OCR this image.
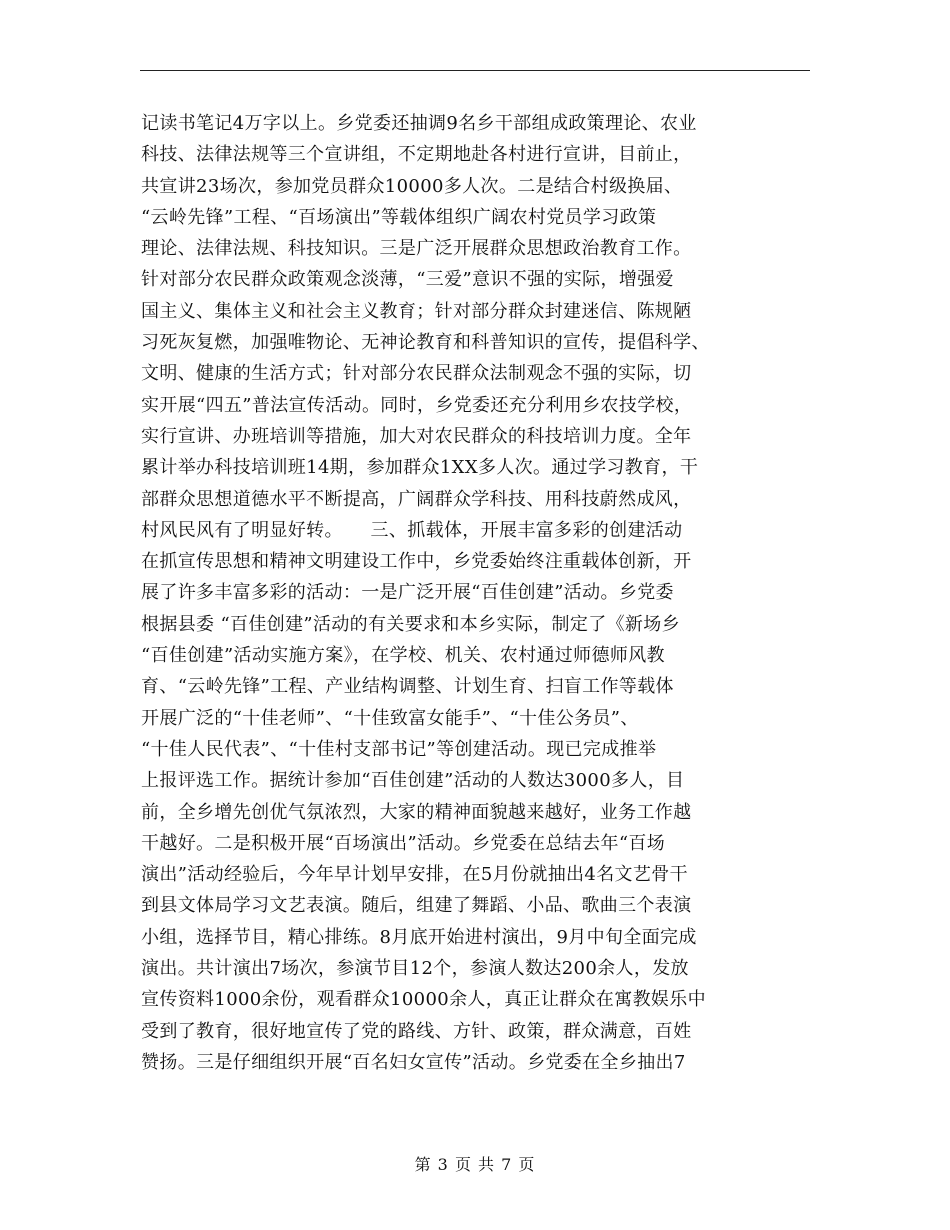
记读书笔记4万字以上。乡党委还抽调9名乡干部组成政策理论、农业
科技、法律法规等三个宣讲组，不定期地赴各村进行宣讲，目前止，
共宣讲23场次，参加党员群众10000多人次。二是结合村级换届、
“云岭先锋”工程、“百场演出”等载体组织广阔农村党员学习政策
理论、法律法规、科技知识。三是广泛开展群众思想政治教育工作。
针对部分农民群众政策观念淡薄，“三爱”意识不强的实际，增强爱
国主义、集体主义和社会主义教育；针对部分群众封建迷信、陈规陋
习死灰复燃，加强唯物论、无神论教育和科普知识的宣传，提倡科学、
文明、健康的生活方式；针对部分农民群众法制观念不强的实际，切
实开展“四五”普法宣传活动。同时，乡党委还充分利用乡农技学校，
实行宣讲、办班培训等措施，加大对农民群众的科技培训力度。全年
累计举办科技培训班14期，参加群众1XX多人次。通过学习教育，干
部群众思想道德水平不断提高，广阔群众学科技、用科技蔚然成风，
村风民风有了明显好转。　　三、抓载体，开展丰富多彩的创建活动
在抓宣传思想和精神文明建设工作中，乡党委始终注重载体创新，开
展了许多丰富多彩的活动：一是广泛开展“百佳创建”活动。乡党委
根据县委 “百佳创建”活动的有关要求和本乡实际，制定了《新场乡
“百佳创建”活动实施方案》，在学校、机关、农村通过师德师风教
育、“云岭先锋”工程、产业结构调整、计划生育、扫盲工作等载体
开展广泛的“十佳老师”、“十佳致富女能手”、“十佳公务员”、
“十佳人民代表”、“十佳村支部书记”等创建活动。现已完成推举
上报评选工作。据统计参加“百佳创建”活动的人数达3000多人，目
前，全乡增先创优气氛浓烈，大家的精神面貌越来越好，业务工作越
干越好。二是积极开展“百场演出”活动。乡党委在总结去年“百场
演出”活动经验后，今年早计划早安排，在5月份就抽出4名文艺骨干
到县文体局学习文艺表演。随后，组建了舞蹈、小品、歌曲三个表演
小组，选择节目，精心排练。8月底开始进村演出，9月中旬全面完成
演出。共计演出7场次，参演节目12个，参演人数达200余人，发放
宣传资料1000余份，观看群众10000余人，真正让群众在寓教娱乐中
受到了教育，很好地宣传了党的路线、方针、政策，群众满意，百姓
赞扬。三是仔细组织开展“百名妇女宣传”活动。乡党委在全乡抽出7
第 3 页 共 7 页
